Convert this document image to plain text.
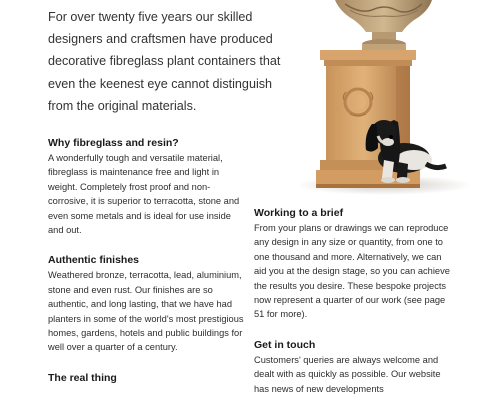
For over twenty five years our skilled designers and craftsmen have produced decorative fibreglass plant containers that even the keenest eye cannot distinguish from the original materials.

Why fibreglass and resin?

A wonderfully tough and versatile material, fibreglass is maintenance free and light in weight. Completely frost proof and non-corrosive, it is superior to terracotta, stone and even some metals and is ideal for use inside and out.

Authentic finishes

Weathered bronze, terracotta, lead, aluminium, stone and even rust. Our finishes are so authentic, and long lasting, that we have had planters in some of the world's most prestigious homes, gardens, hotels and public buildings for well over a quarter of a century.

The real thing
Working to a brief

From your plans or drawings we can reproduce any design in any size or quantity, from one to one thousand and more. Alternatively, we can aid you at the design stage, so you can achieve the results you desire. These bespoke projects now represent a quarter of our work (see page 51 for more).

Get in touch

Customers' queries are always welcome and dealt with as quickly as possible. Our website has news of new developments
